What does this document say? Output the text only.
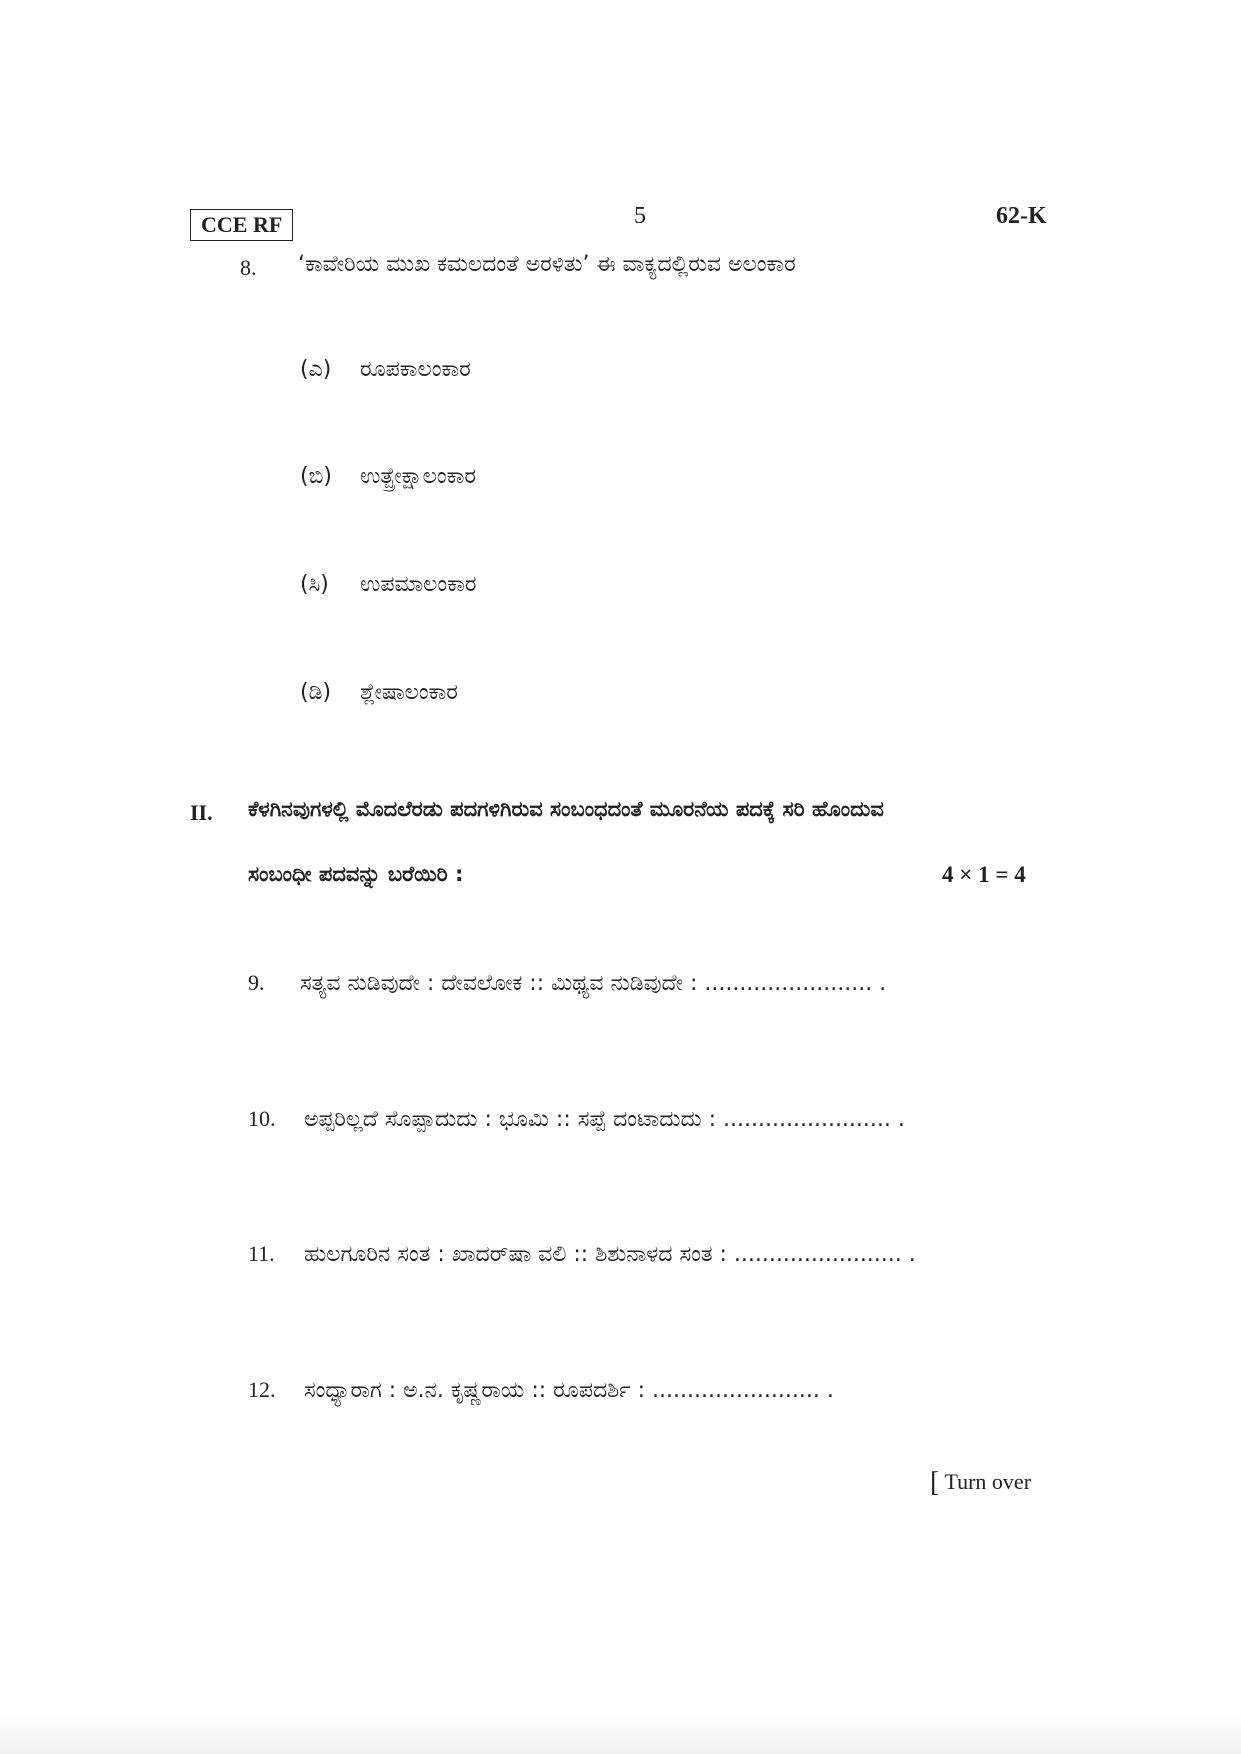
CCE RF	5	62-K
8. ‘ಕಾವೇರಿಯ ಮುಖ ಕಮಲದಂತೆ ಅರಳಿತು’ ಈ ವಾಕ್ಯದಲ್ಲಿರುವ ಅಲಂಕಾರ
(ಎ) ರೂಪಕಾಲಂಕಾರ
(ಬಿ) ಉತ್ಪ್ರೇಕ್ಷಾಲಂಕಾರ
(ಸಿ) ಉಪಮಾಲಂಕಾರ
(ಡಿ) ಶ್ಲೇಷಾಲಂಕಾರ
II. ಕೆಳಗಿನವುಗಳಲ್ಲಿ ಮೊದಲೆರಡು ಪದಗಳಿಗಿರುವ ಸಂಬಂಧದಂತೆ ಮೂರನೆಯ ಪದಕ್ಕೆ ಸರಿ ಹೊಂದುವ
ಸಂಬಂಧೀ ಪದವನ್ನು ಬರೆಯಿರಿ :	4 × 1 = 4
9. ಸತ್ಯವ ನುಡಿವುದೇ : ದೇವಲೋಕ :: ಮಿಥ್ಯವ ನುಡಿವುದೇ : ........................ .
10. ಅಪ್ಪರಿಲ್ಲದೆ ಸೊಪ್ಪಾದುದು : ಭೂಮಿ :: ಸಪ್ಪೆ ದಂಟಾದುದು : ........................ .
11. ಹುಲಗೂರಿನ ಸಂತ : ಖಾದರ್‌ಷಾ ವಲಿ :: ಶಿಶುನಾಳದ ಸಂತ : ........................ .
12. ಸಂಧ್ಯಾರಾಗ : ಅ.ನ. ಕೃಷ್ಣರಾಯ :: ರೂಪದರ್ಶಿ : ........................ .
[ Turn over
